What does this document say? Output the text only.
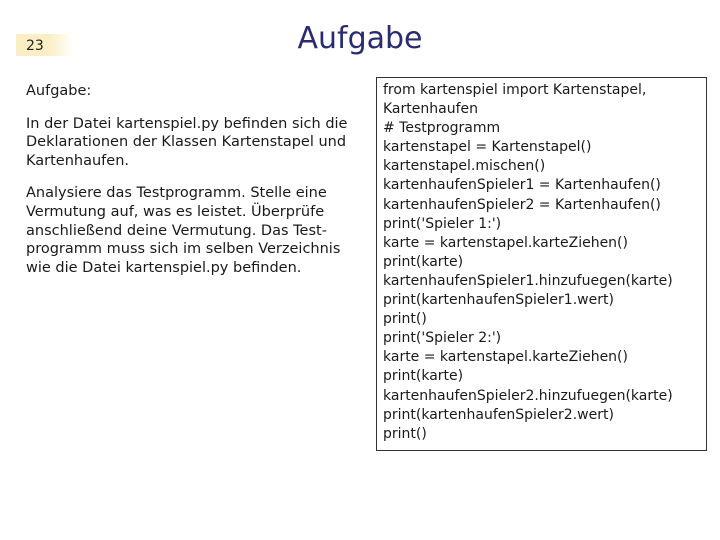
23	Aufgabe

Aufgabe:

In der Datei kartenspiel.py befinden sich die Deklarationen der Klassen Kartenstapel und Kartenhaufen.

Analysiere das Testprogramm. Stelle eine Vermutung auf, was es leistet. Überprüfe anschließend deine Vermutung. Das Test-programm muss sich im selben Verzeichnis wie die Datei kartenspiel.py befinden.

from kartenspiel import Kartenstapel,
Kartenhaufen
# Testprogramm
kartenstapel = Kartenstapel()
kartenstapel.mischen()
kartenhaufenSpieler1 = Kartenhaufen()
kartenhaufenSpieler2 = Kartenhaufen()
print('Spieler 1:')
karte = kartenstapel.karteZiehen()
print(karte)
kartenhaufenSpieler1.hinzufuegen(karte)
print(kartenhaufenSpieler1.wert)
print()
print('Spieler 2:')
karte = kartenstapel.karteZiehen()
print(karte)
kartenhaufenSpieler2.hinzufuegen(karte)
print(kartenhaufenSpieler2.wert)
print()
